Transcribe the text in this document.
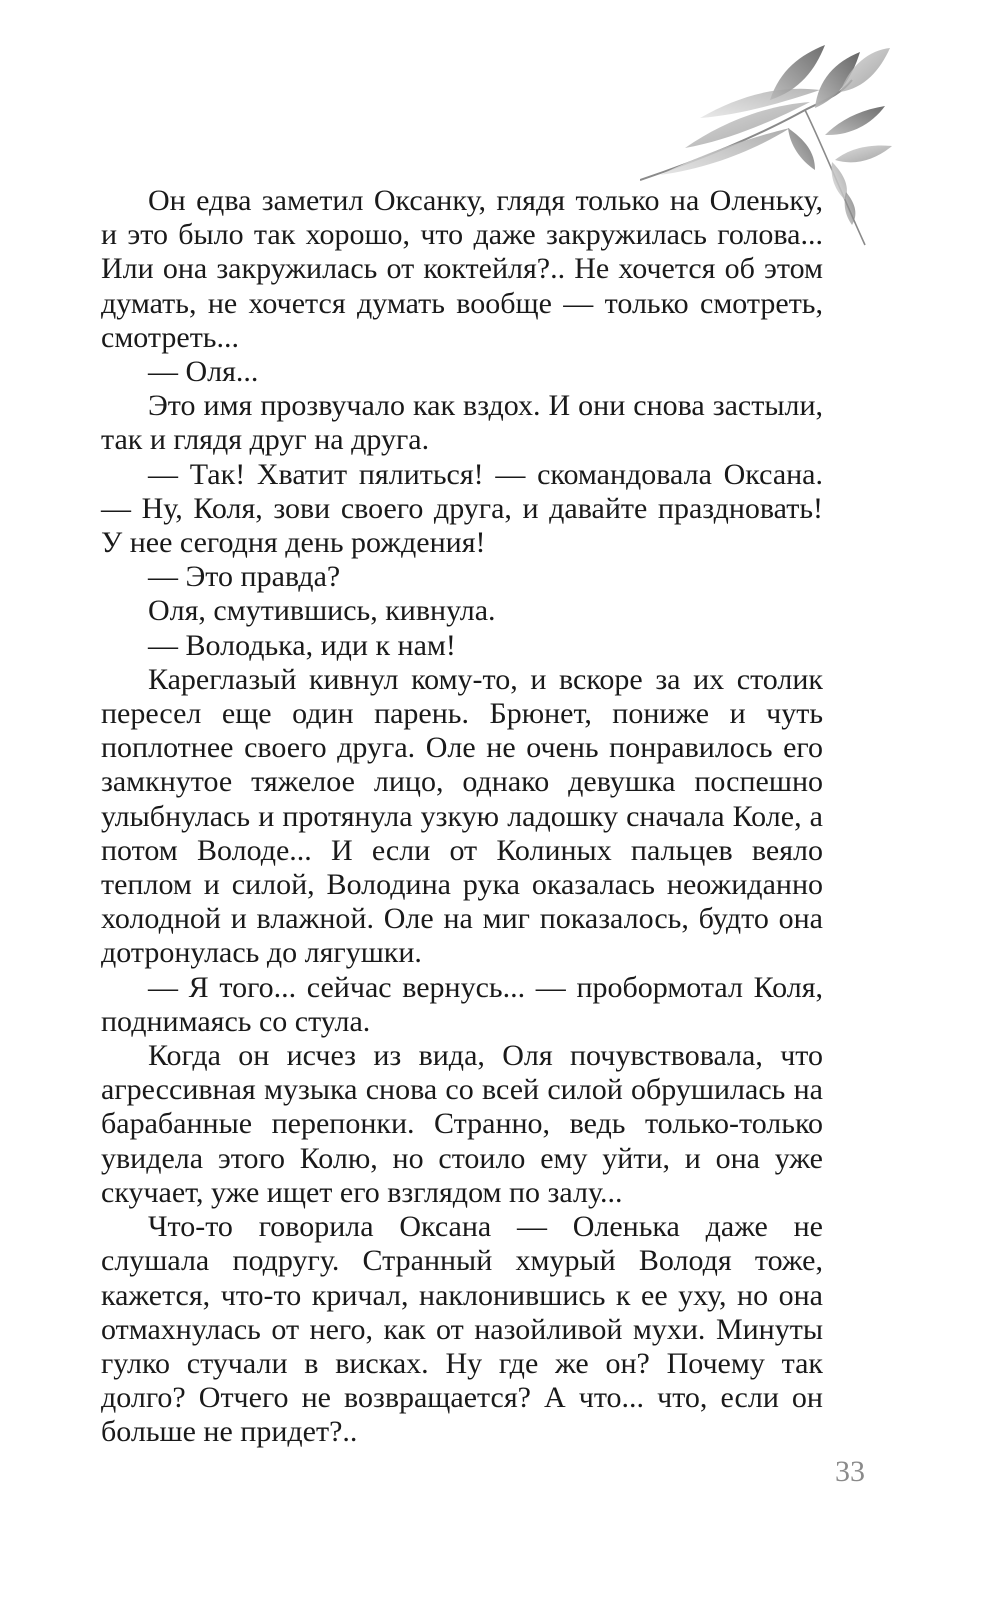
Он едва заметил Оксанку, глядя только на Оленьку, и это было так хорошо, что даже закружилась голова... Или она закружилась от коктейля?.. Не хочется об этом думать, не хочется думать вообще — только смотреть, смотреть...

— Оля...

Это имя прозвучало как вздох. И они снова застыли, так и глядя друг на друга.

— Так! Хватит пялиться! — скомандовала Оксана. — Ну, Коля, зови своего друга, и давайте праздновать! У нее сегодня день рождения!

— Это правда?

Оля, смутившись, кивнула.

— Володька, иди к нам!

Кареглазый кивнул кому-то, и вскоре за их столик пересел еще один парень. Брюнет, пониже и чуть поплотнее своего друга. Оле не очень понравилось его замкнутое тяжелое лицо, однако девушка поспешно улыбнулась и протянула узкую ладошку сначала Коле, а потом Володе... И если от Колиных пальцев веяло теплом и силой, Володина рука оказалась неожиданно холодной и влажной. Оле на миг показалось, будто она дотронулась до лягушки.

— Я того... сейчас вернусь... — пробормотал Коля, поднимаясь со стула.

Когда он исчез из вида, Оля почувствовала, что агрессивная музыка снова со всей силой обрушилась на барабанные перепонки. Странно, ведь только-только увидела этого Колю, но стоило ему уйти, и она уже скучает, уже ищет его взглядом по залу...

Что-то говорила Оксана — Оленька даже не слушала подругу. Странный хмурый Володя тоже, кажется, что-то кричал, наклонившись к ее уху, но она отмахнулась от него, как от назойливой мухи. Минуты гулко стучали в висках. Ну где же он? Почему так долго? Отчего не возвращается? А что... что, если он больше не придет?..

33
